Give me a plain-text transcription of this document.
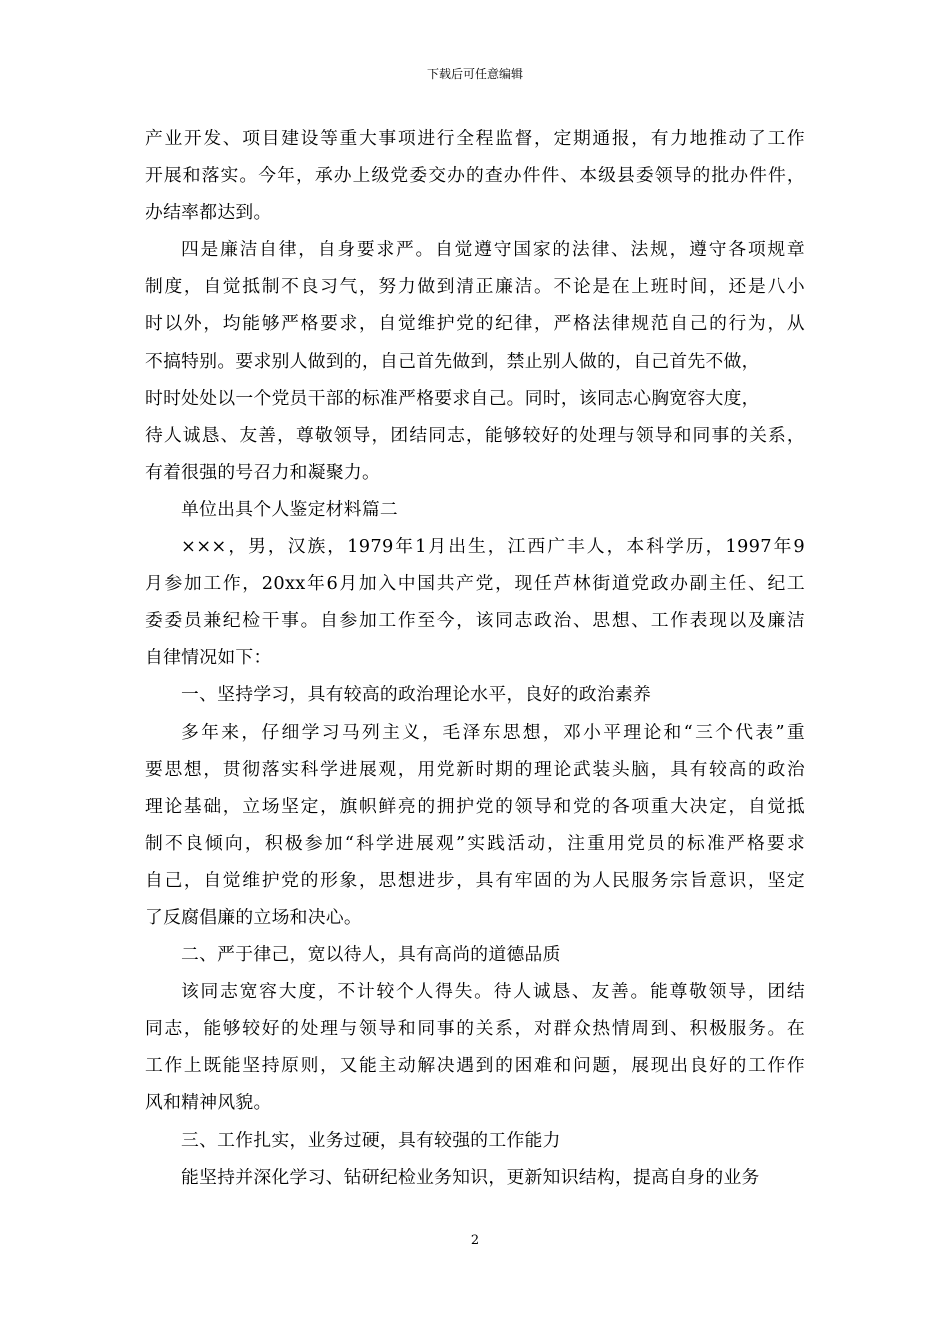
下载后可任意编辑
产业开发、项目建设等重大事项进行全程监督，定期通报，有力地推动了工作
开展和落实。今年，承办上级党委交办的查办件件、本级县委领导的批办件件，
办结率都达到。
四是廉洁自律，自身要求严。自觉遵守国家的法律、法规，遵守各项规章
制度，自觉抵制不良习气，努力做到清正廉洁。不论是在上班时间，还是八小
时以外，均能够严格要求，自觉维护党的纪律，严格法律规范自己的行为，从
不搞特别。要求别人做到的，自己首先做到，禁止别人做的，自己首先不做，
时时处处以一个党员干部的标准严格要求自己。同时，该同志心胸宽容大度，
待人诚恳、友善，尊敬领导，团结同志，能够较好的处理与领导和同事的关系，
有着很强的号召力和凝聚力。
单位出具个人鉴定材料篇二
×××，男，汉族，1979年1月出生，江西广丰人，本科学历，1997年9
月参加工作，20xx年6月加入中国共产党，现任芦林街道党政办副主任、纪工
委委员兼纪检干事。自参加工作至今，该同志政治、思想、工作表现以及廉洁
自律情况如下：
一、坚持学习，具有较高的政治理论水平，良好的政治素养
多年来，仔细学习马列主义，毛泽东思想，邓小平理论和“三个代表”重
要思想，贯彻落实科学进展观，用党新时期的理论武装头脑，具有较高的政治
理论基础，立场坚定，旗帜鲜亮的拥护党的领导和党的各项重大决定，自觉抵
制不良倾向，积极参加“科学进展观”实践活动，注重用党员的标准严格要求
自己，自觉维护党的形象，思想进步，具有牢固的为人民服务宗旨意识，坚定
了反腐倡廉的立场和决心。
二、严于律己，宽以待人，具有高尚的道德品质
该同志宽容大度，不计较个人得失。待人诚恳、友善。能尊敬领导，团结
同志，能够较好的处理与领导和同事的关系，对群众热情周到、积极服务。在
工作上既能坚持原则，又能主动解决遇到的困难和问题，展现出良好的工作作
风和精神风貌。
三、工作扎实，业务过硬，具有较强的工作能力
能坚持并深化学习、钻研纪检业务知识，更新知识结构，提高自身的业务
2
